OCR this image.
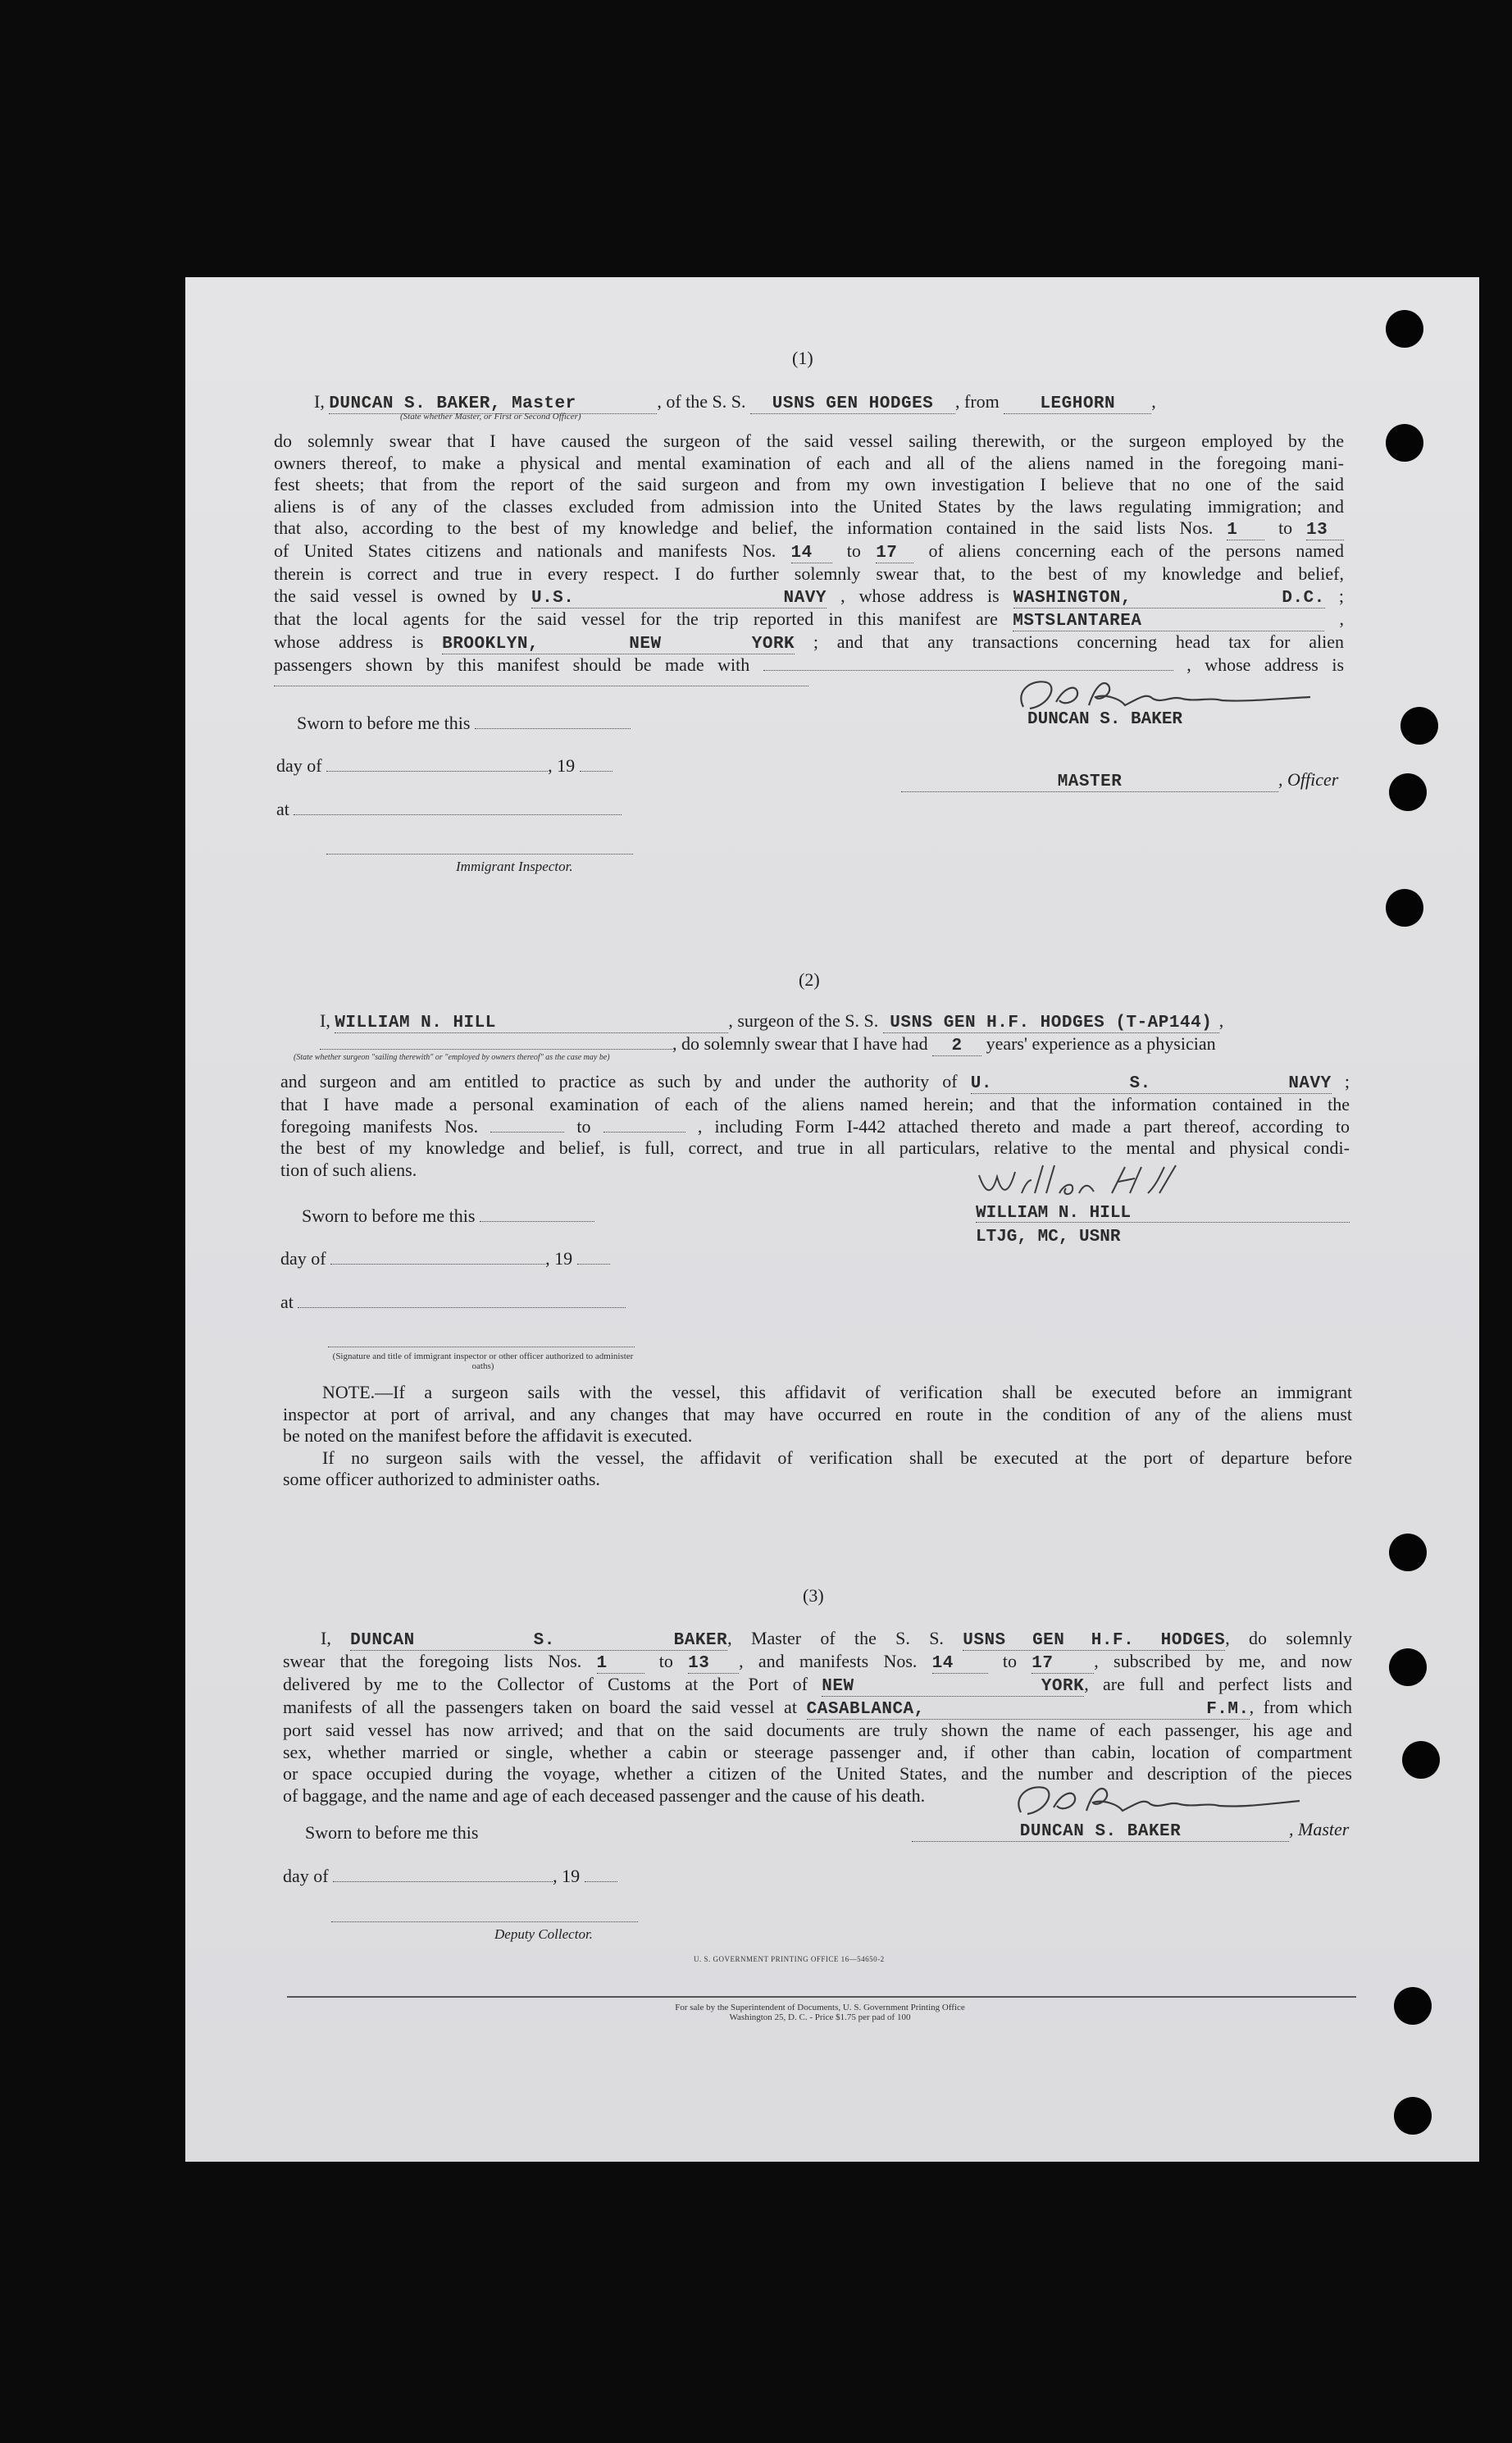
(1)
I, DUNCAN S. BAKER, Master	, of the S. S. USNS GEN HODGES , from LEGHORN ,
(State whether Master, or First or Second Officer)

do solemnly swear that I have caused the surgeon of the said vessel sailing therewith, or the surgeon employed by the

owners thereof, to make a physical and mental examination of each and all of the aliens named in the foregoing mani-

fest sheets; that from the report of the said surgeon and from my own investigation I believe that no one of the said

aliens is of any of the classes excluded from admission into the United States by the laws regulating immigration; and

that also, according to the best of my knowledge and belief, the information contained in the said lists Nos. 1 to 13

of United States citizens and nationals and manifests Nos. 14 to 17 of aliens concerning each of the persons named

therein is correct and true in every respect. I do further solemnly swear that, to the best of my knowledge and belief,

the said vessel is owned by U.S. NAVY , whose address is WASHINGTON, D.C. ;

that the local agents for the said vessel for the trip reported in this manifest are MSTSLANTAREA	,

whose address is BROOKLYN, NEW YORK ; and that any transactions concerning head tax for alien

passengers shown by this manifest should be made with	, whose address is

DUNCAN S. BAKER
Sworn to before me this
day of	, 19
at
Immigrant Inspector.
MASTER	, Officer
(2)
I, WILLIAM N. HILL	, surgeon of the S. S. USNS GEN H.F. HODGES (T-AP144) ,
, do solemnly swear that I have had 2 years' experience as a physician
(State whether surgeon "sailing therewith" or "employed by owners thereof" as the case may be)

and surgeon and am entitled to practice as such by and under the authority of U. S. NAVY ;

that I have made a personal examination of each of the aliens named herein; and that the information contained in the

foregoing manifests Nos.	to	, including Form I-442 attached thereto and made a part thereof, according to

the best of my knowledge and belief, is full, correct, and true in all particulars, relative to the mental and physical condi-

tion of such aliens.

WILLIAM N. HILL
LTJG, MC, USNR
Sworn to before me this
day of	, 19
at
(Signature and title of immigrant inspector or other officer authorized to administer oaths)

NOTE.—If a surgeon sails with the vessel, this affidavit of verification shall be executed before an immigrant

inspector at port of arrival, and any changes that may have occurred en route in the condition of any of the aliens must

be noted on the manifest before the affidavit is executed.

If no surgeon sails with the vessel, the affidavit of verification shall be executed at the port of departure before

some officer authorized to administer oaths.

(3)

I, DUNCAN S. BAKER, Master of the S. S. USNS GEN H.F. HODGES, do solemnly

swear that the foregoing lists Nos. 1	to 13 , and manifests Nos. 14	to 17 , subscribed by me, and now

delivered by me to the Collector of Customs at the Port of NEW YORK, are full and perfect lists and

manifests of all the passengers taken on board the said vessel at CASABLANCA, F.M., from which

port said vessel has now arrived; and that on the said documents are truly shown the name of each passenger, his age and

sex, whether married or single, whether a cabin or steerage passenger and, if other than cabin, location of compartment

or space occupied during the voyage, whether a citizen of the United States, and the number and description of the pieces

of baggage, and the name and age of each deceased passenger and the cause of his death.

DUNCAN S. BAKER	, Master
Sworn to before me this
day of	, 19
Deputy Collector.
U. S. GOVERNMENT PRINTING OFFICE 16—54650-2
For sale by the Superintendent of Documents, U. S. Government Printing Office
Washington 25, D. C. - Price $1.75 per pad of 100
